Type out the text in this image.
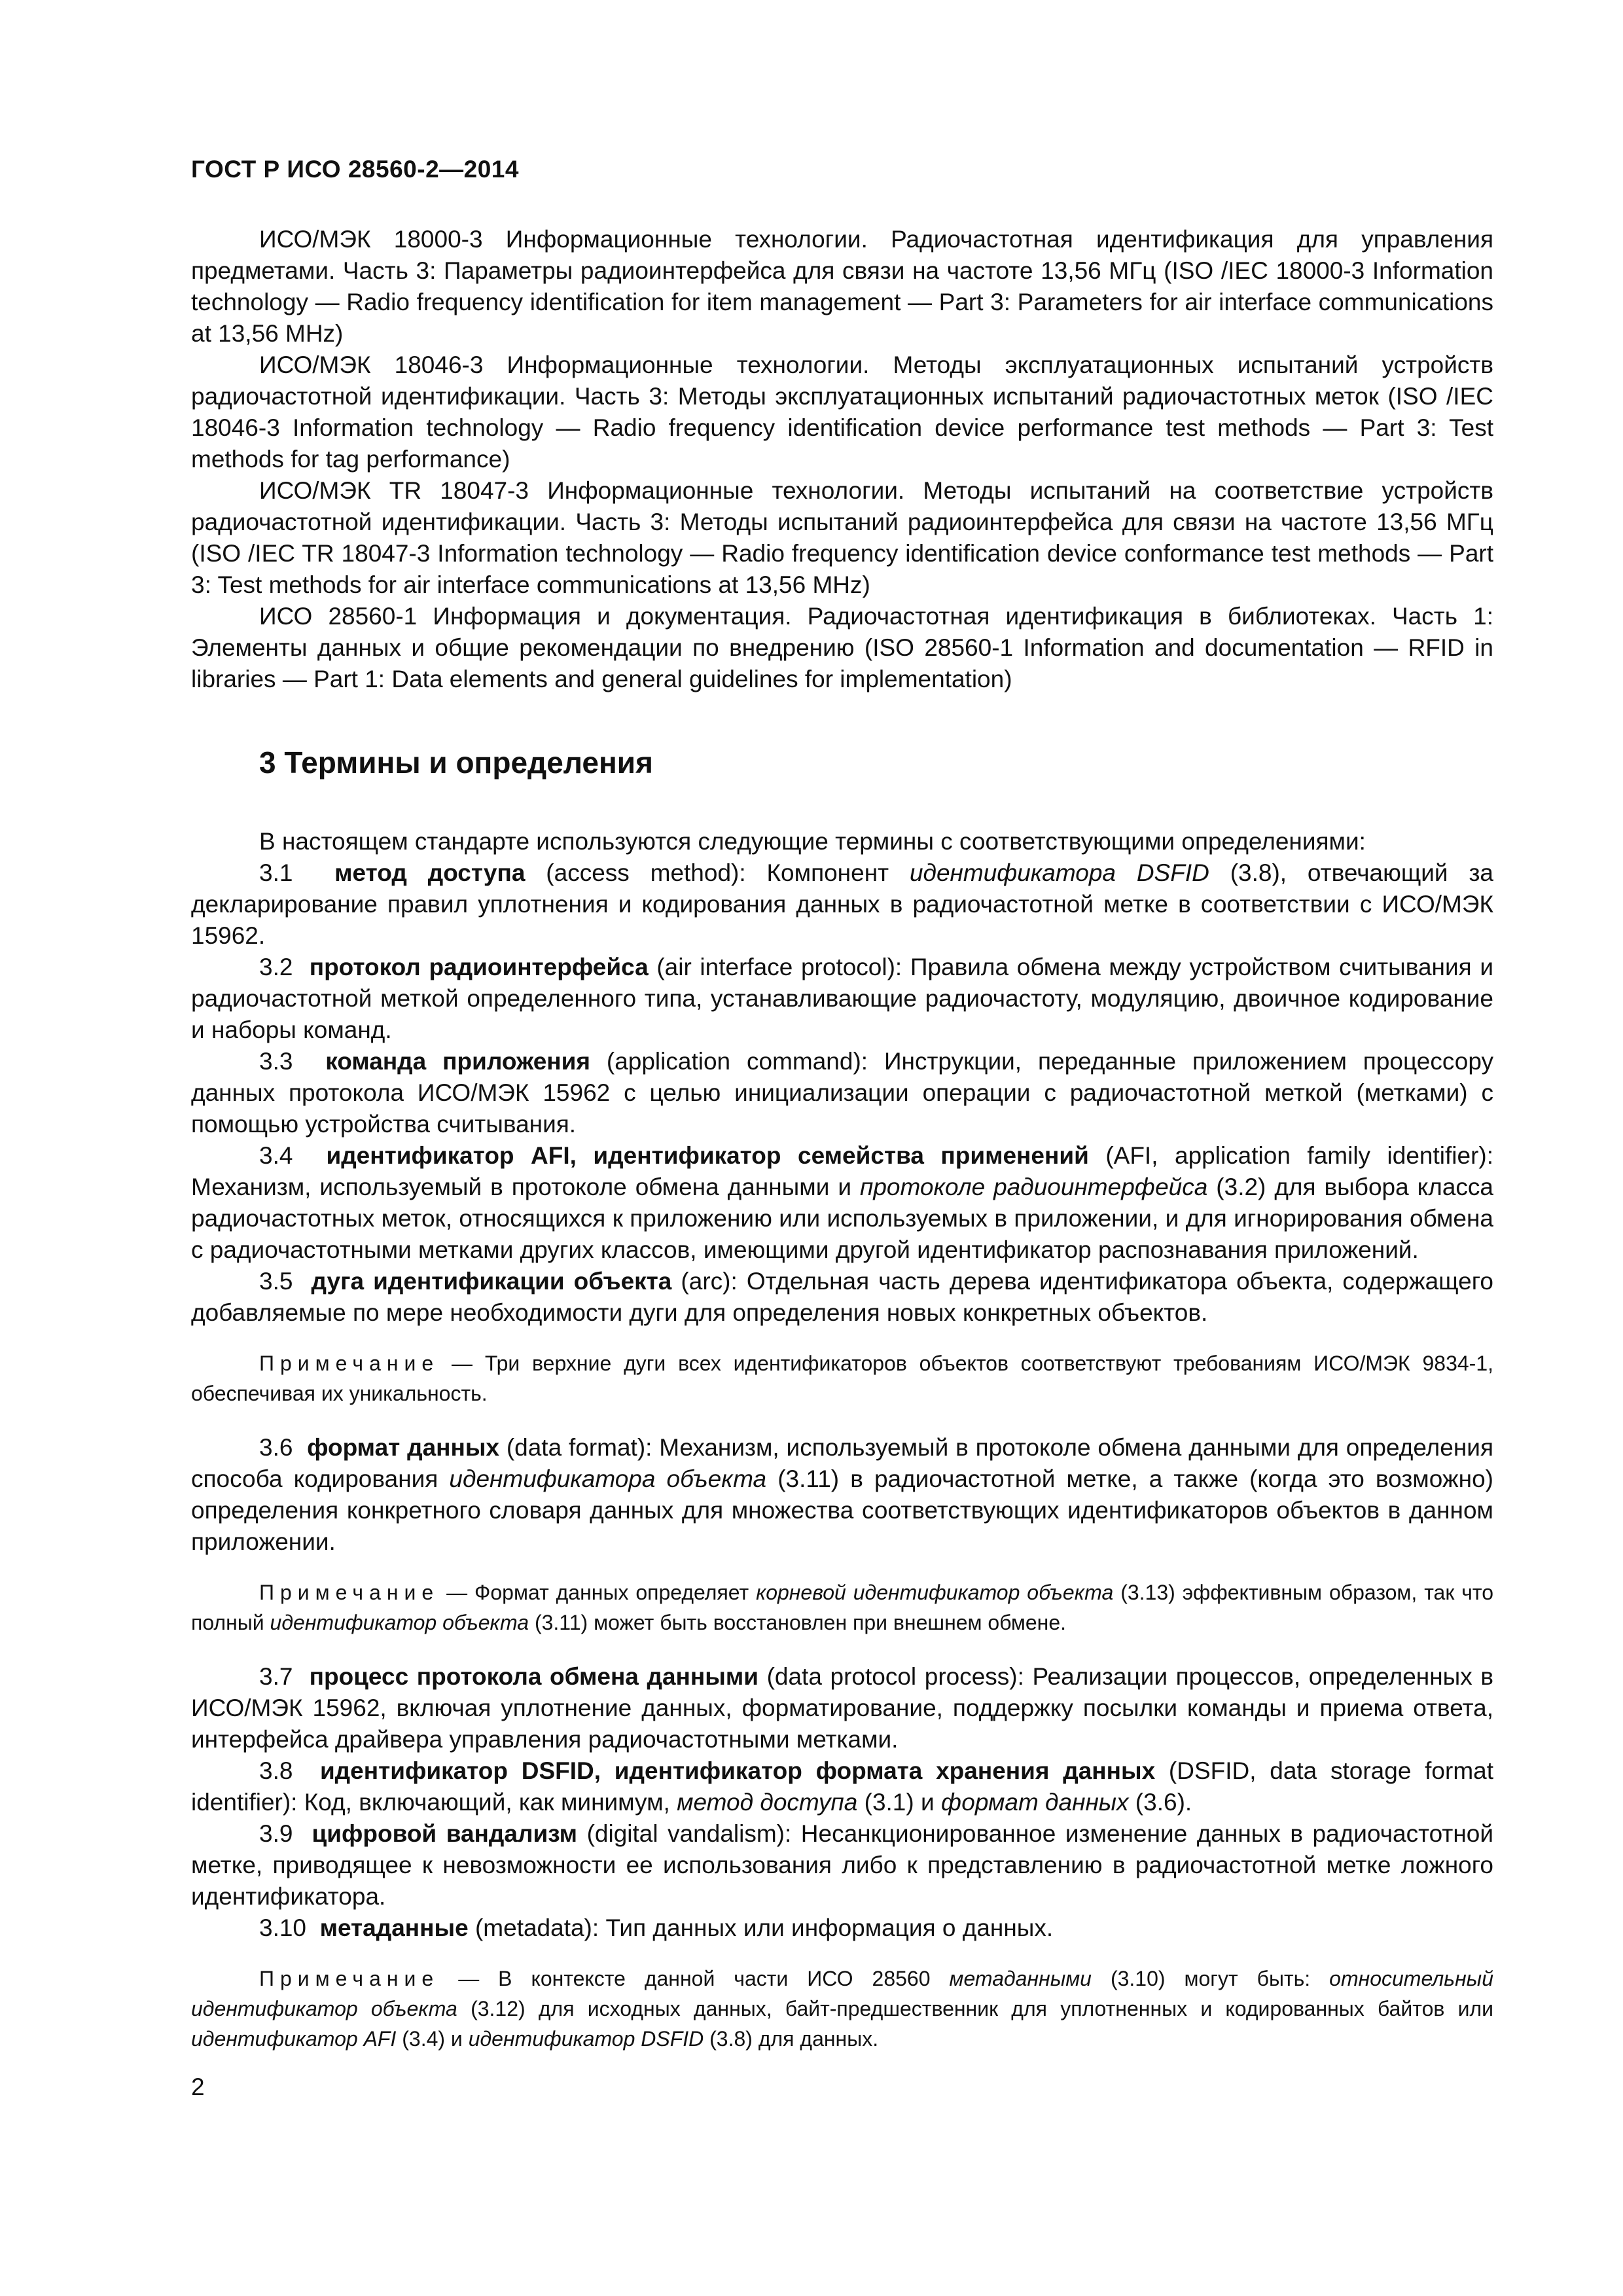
ГОСТ Р ИСО 28560-2—2014

ИСО/МЭК 18000-3 Информационные технологии. Радиочастотная идентификация для управления предметами. Часть 3: Параметры радиоинтерфейса для связи на частоте 13,56 МГц (ISO /IEC 18000-3 Information technology — Radio frequency identification for item management — Part 3: Parameters for air interface communications at 13,56 MHz)

ИСО/МЭК 18046-3 Информационные технологии. Методы эксплуатационных испытаний устройств радиочастотной идентификации. Часть 3: Методы эксплуатационных испытаний радиочастотных меток (ISO /IEC 18046-3 Information technology — Radio frequency identification device performance test methods — Part 3: Test methods for tag performance)

ИСО/МЭК TR 18047-3 Информационные технологии. Методы испытаний на соответствие устройств радиочастотной идентификации. Часть 3: Методы испытаний радиоинтерфейса для связи на частоте 13,56 МГц (ISO /IEC TR 18047-3 Information technology — Radio frequency identification device conformance test methods — Part 3: Test methods for air interface communications at 13,56 MHz)

ИСО 28560-1 Информация и документация. Радиочастотная идентификация в библиотеках. Часть 1: Элементы данных и общие рекомендации по внедрению (ISO 28560-1 Information and documentation — RFID in libraries — Part 1: Data elements and general guidelines for implementation)

3 Термины и определения

В настоящем стандарте используются следующие термины с соответствующими определениями:

3.1 метод доступа (access method): Компонент идентификатора DSFID (3.8), отвечающий за декларирование правил уплотнения и кодирования данных в радиочастотной метке в соответствии с ИСО/МЭК 15962.

3.2 протокол радиоинтерфейса (air interface protocol): Правила обмена между устройством считывания и радиочастотной меткой определенного типа, устанавливающие радиочастоту, модуляцию, двоичное кодирование и наборы команд.

3.3 команда приложения (application command): Инструкции, переданные приложением процессору данных протокола ИСО/МЭК 15962 с целью инициализации операции с радиочастотной меткой (метками) с помощью устройства считывания.

3.4 идентификатор AFI, идентификатор семейства применений (AFI, application family identifier): Механизм, используемый в протоколе обмена данными и протоколе радиоинтерфейса (3.2) для выбора класса радиочастотных меток, относящихся к приложению или используемых в приложении, и для игнорирования обмена с радиочастотными метками других классов, имеющими другой идентификатор распознавания приложений.

3.5 дуга идентификации объекта (arc): Отдельная часть дерева идентификатора объекта, содержащего добавляемые по мере необходимости дуги для определения новых конкретных объектов.

Примечание — Три верхние дуги всех идентификаторов объектов соответствуют требованиям ИСО/МЭК 9834-1, обеспечивая их уникальность.

3.6 формат данных (data format): Механизм, используемый в протоколе обмена данными для определения способа кодирования идентификатора объекта (3.11) в радиочастотной метке, а также (когда это возможно) определения конкретного словаря данных для множества соответствующих идентификаторов объектов в данном приложении.

Примечание — Формат данных определяет корневой идентификатор объекта (3.13) эффективным образом, так что полный идентификатор объекта (3.11) может быть восстановлен при внешнем обмене.

3.7 процесс протокола обмена данными (data protocol process): Реализации процессов, определенных в ИСО/МЭК 15962, включая уплотнение данных, форматирование, поддержку посылки команды и приема ответа, интерфейса драйвера управления радиочастотными метками.

3.8 идентификатор DSFID, идентификатор формата хранения данных (DSFID, data storage format identifier): Код, включающий, как минимум, метод доступа (3.1) и формат данных (3.6).

3.9 цифровой вандализм (digital vandalism): Несанкционированное изменение данных в радиочастотной метке, приводящее к невозможности ее использования либо к представлению в радиочастотной метке ложного идентификатора.

3.10 метаданные (metadata): Тип данных или информация о данных.

Примечание — В контексте данной части ИСО 28560 метаданными (3.10) могут быть: относительный идентификатор объекта (3.12) для исходных данных, байт-предшественник для уплотненных и кодированных байтов или идентификатор AFI (3.4) и идентификатор DSFID (3.8) для данных.

2
